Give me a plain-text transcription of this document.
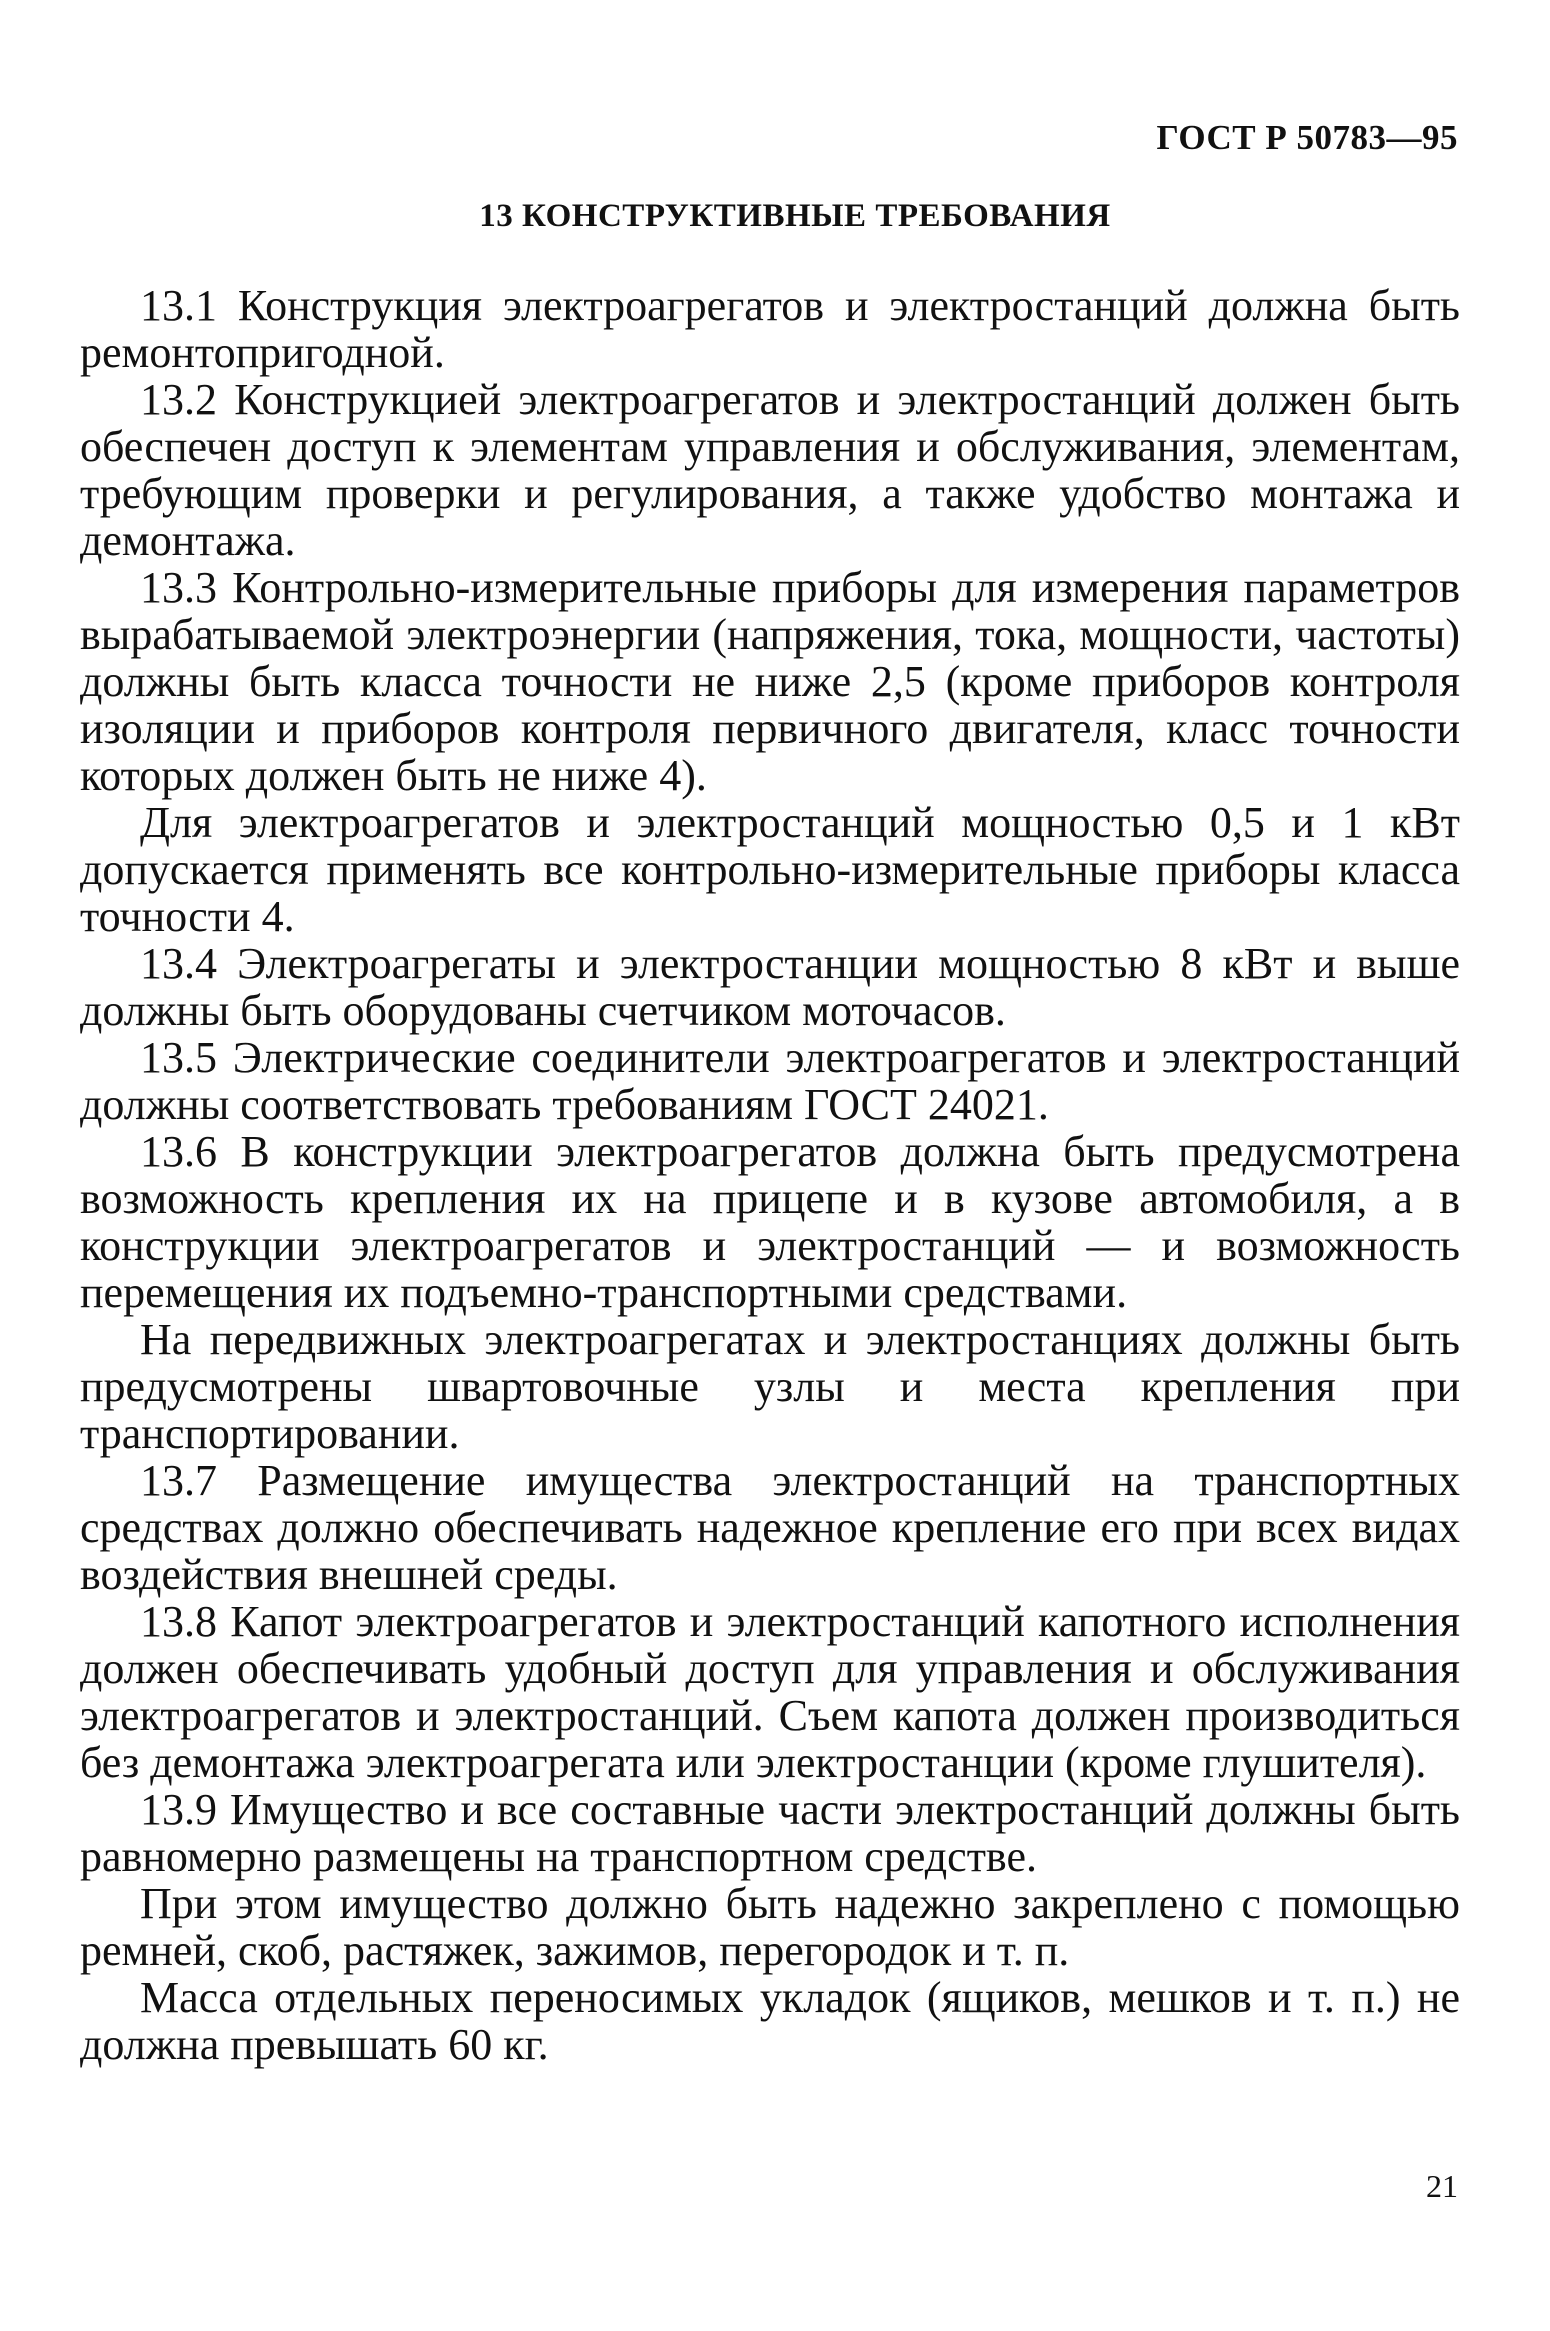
ГОСТ Р 50783—95
13 КОНСТРУКТИВНЫЕ ТРЕБОВАНИЯ

13.1 Конструкция электроагрегатов и электростанций должна быть ремонтопригодной.

13.2 Конструкцией электроагрегатов и электростанций должен быть обеспечен доступ к элементам управления и обслуживания, элементам, требующим проверки и регулирования, а также удобство монтажа и демонтажа.

13.3 Контрольно-измерительные приборы для измерения параметров вырабатываемой электроэнергии (напряжения, тока, мощности, частоты) должны быть класса точности не ниже 2,5 (кроме приборов контроля изоляции и приборов контроля первичного двигателя, класс точности которых должен быть не ниже 4).

Для электроагрегатов и электростанций мощностью 0,5 и 1 кВт допускается применять все контрольно-измерительные приборы класса точности 4.

13.4 Электроагрегаты и электростанции мощностью 8 кВт и выше должны быть оборудованы счетчиком моточасов.

13.5 Электрические соединители электроагрегатов и электростанций должны соответствовать требованиям ГОСТ 24021.

13.6 В конструкции электроагрегатов должна быть предусмотрена возможность крепления их на прицепе и в кузове автомобиля, а в конструкции электроагрегатов и электростанций — и возможность перемещения их подъемно-транспортными средствами.

На передвижных электроагрегатах и электростанциях должны быть предусмотрены швартовочные узлы и места крепления при транспортировании.

13.7 Размещение имущества электростанций на транспортных средствах должно обеспечивать надежное крепление его при всех видах воздействия внешней среды.

13.8 Капот электроагрегатов и электростанций капотного исполнения должен обеспечивать удобный доступ для управления и обслуживания электроагрегатов и электростанций. Съем капота должен производиться без демонтажа электроагрегата или электростанции (кроме глушителя).

13.9 Имущество и все составные части электростанций должны быть равномерно размещены на транспортном средстве.

При этом имущество должно быть надежно закреплено с помощью ремней, скоб, растяжек, зажимов, перегородок и т. п.

Масса отдельных переносимых укладок (ящиков, мешков и т. п.) не должна превышать 60 кг.

21
